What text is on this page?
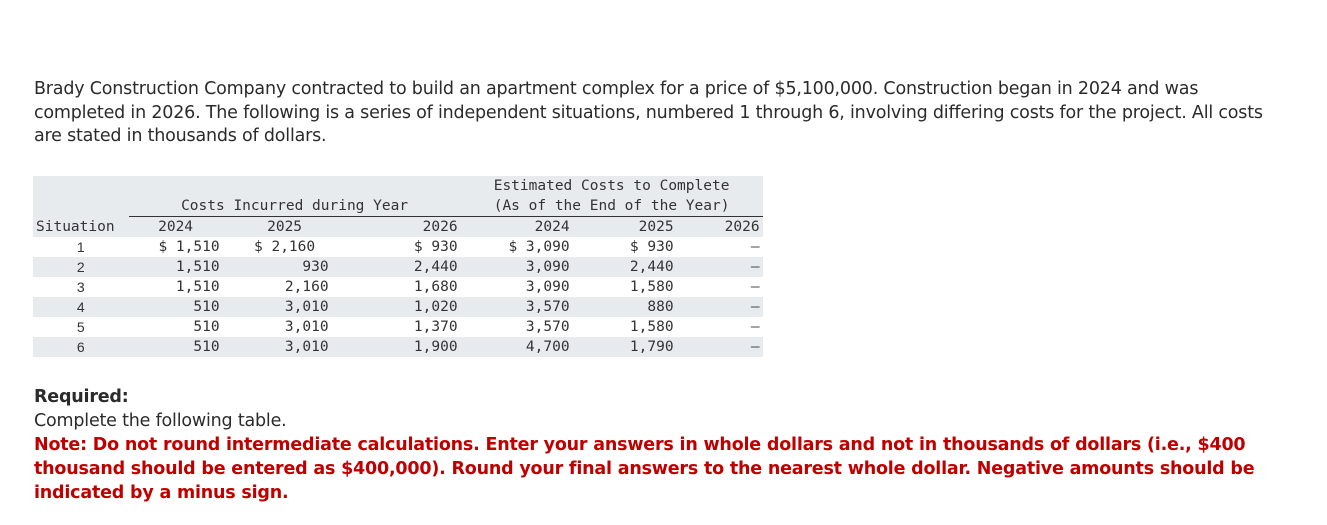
Brady Construction Company contracted to build an apartment complex for a price of $5,100,000. Construction began in 2024 and was completed in 2026. The following is a series of independent situations, numbered 1 through 6, involving differing costs for the project. All costs are stated in thousands of dollars.
				Estimated Costs to Complete		
	Costs Incurred during Year			(As of the End of the Year)		
Situation	2024	2025	2026	2024	2025	2026
1	$ 1,510	$ 2,160	$ 930	$ 3,090	$ 930	–
2	1,510	930	2,440	3,090	2,440	–
3	1,510	2,160	1,680	3,090	1,580	–
4	510	3,010	1,020	3,570	880	–
5	510	3,010	1,370	3,570	1,580	–
6	510	3,010	1,900	4,700	1,790	–
Required:
Complete the following table.
Note: Do not round intermediate calculations. Enter your answers in whole dollars and not in thousands of dollars (i.e., $400 thousand should be entered as $400,000). Round your final answers to the nearest whole dollar. Negative amounts should be indicated by a minus sign.
